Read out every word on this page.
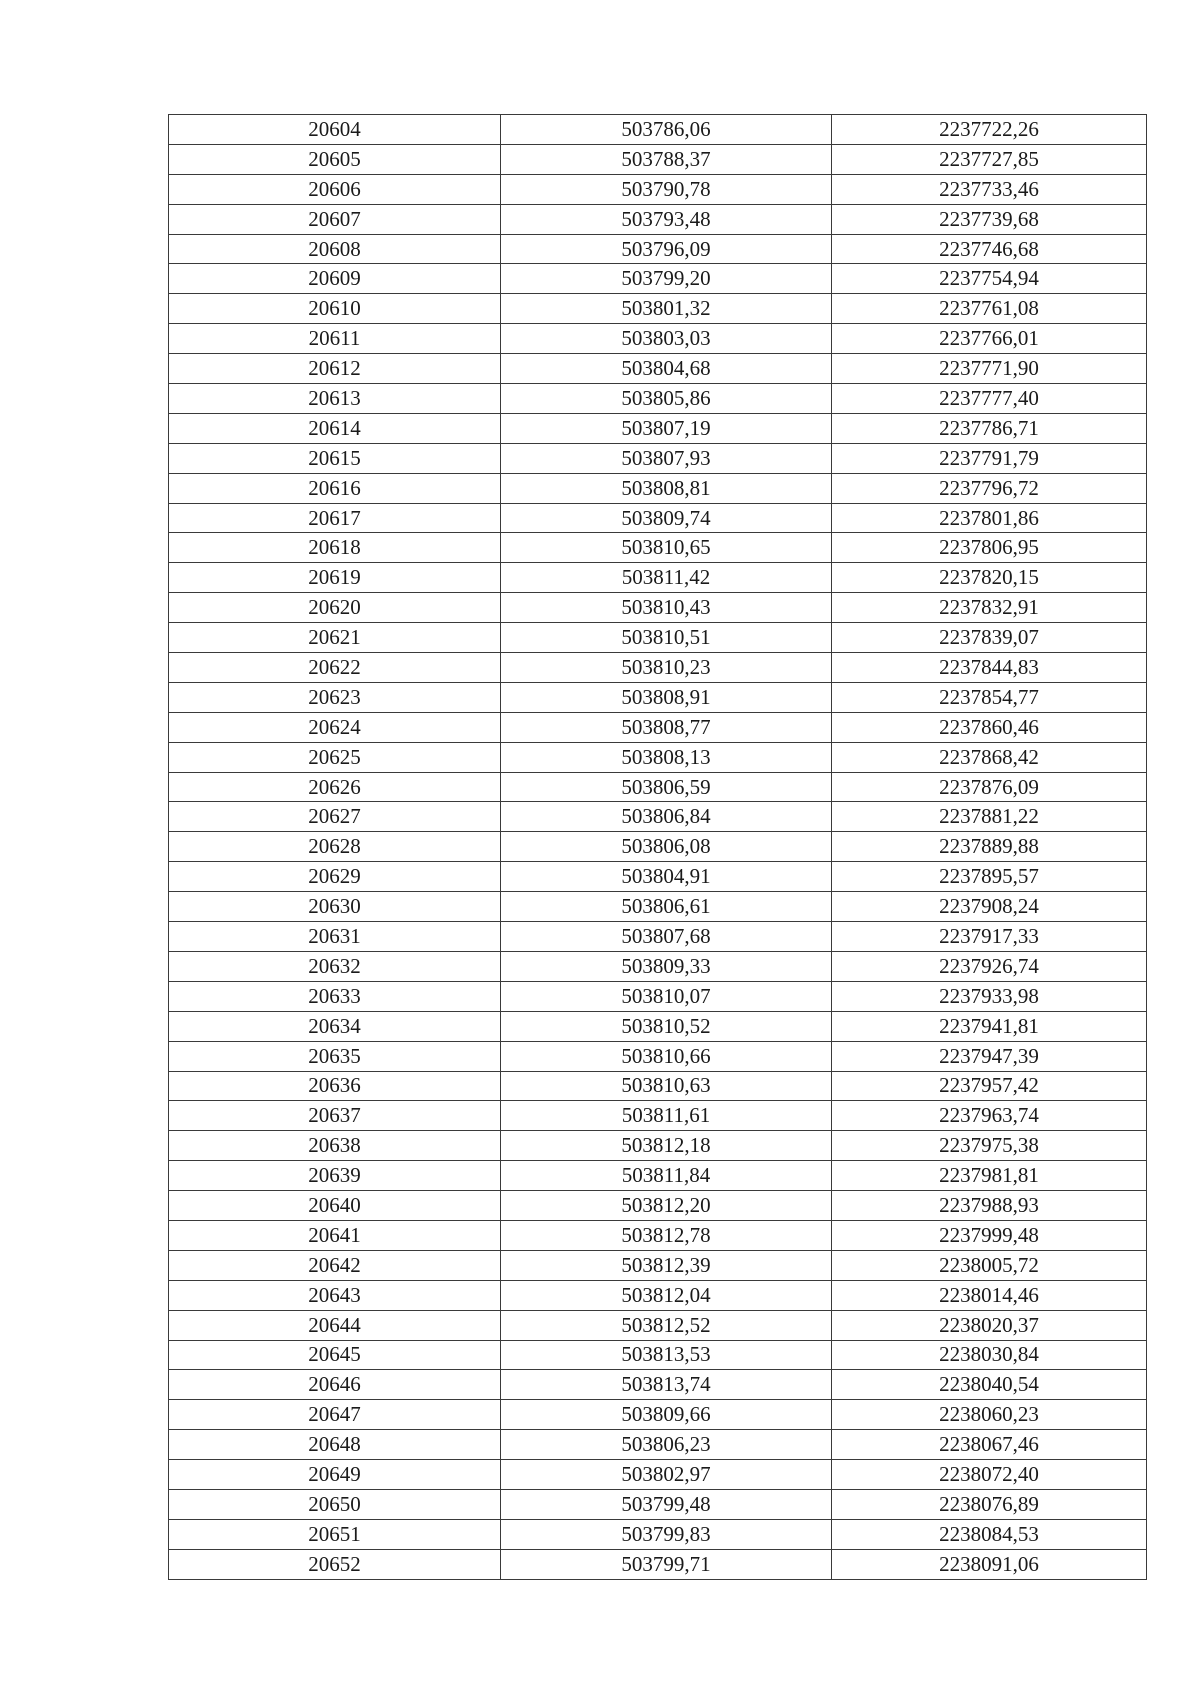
20604	503786,06	2237722,26
20605	503788,37	2237727,85
20606	503790,78	2237733,46
20607	503793,48	2237739,68
20608	503796,09	2237746,68
20609	503799,20	2237754,94
20610	503801,32	2237761,08
20611	503803,03	2237766,01
20612	503804,68	2237771,90
20613	503805,86	2237777,40
20614	503807,19	2237786,71
20615	503807,93	2237791,79
20616	503808,81	2237796,72
20617	503809,74	2237801,86
20618	503810,65	2237806,95
20619	503811,42	2237820,15
20620	503810,43	2237832,91
20621	503810,51	2237839,07
20622	503810,23	2237844,83
20623	503808,91	2237854,77
20624	503808,77	2237860,46
20625	503808,13	2237868,42
20626	503806,59	2237876,09
20627	503806,84	2237881,22
20628	503806,08	2237889,88
20629	503804,91	2237895,57
20630	503806,61	2237908,24
20631	503807,68	2237917,33
20632	503809,33	2237926,74
20633	503810,07	2237933,98
20634	503810,52	2237941,81
20635	503810,66	2237947,39
20636	503810,63	2237957,42
20637	503811,61	2237963,74
20638	503812,18	2237975,38
20639	503811,84	2237981,81
20640	503812,20	2237988,93
20641	503812,78	2237999,48
20642	503812,39	2238005,72
20643	503812,04	2238014,46
20644	503812,52	2238020,37
20645	503813,53	2238030,84
20646	503813,74	2238040,54
20647	503809,66	2238060,23
20648	503806,23	2238067,46
20649	503802,97	2238072,40
20650	503799,48	2238076,89
20651	503799,83	2238084,53
20652	503799,71	2238091,06
